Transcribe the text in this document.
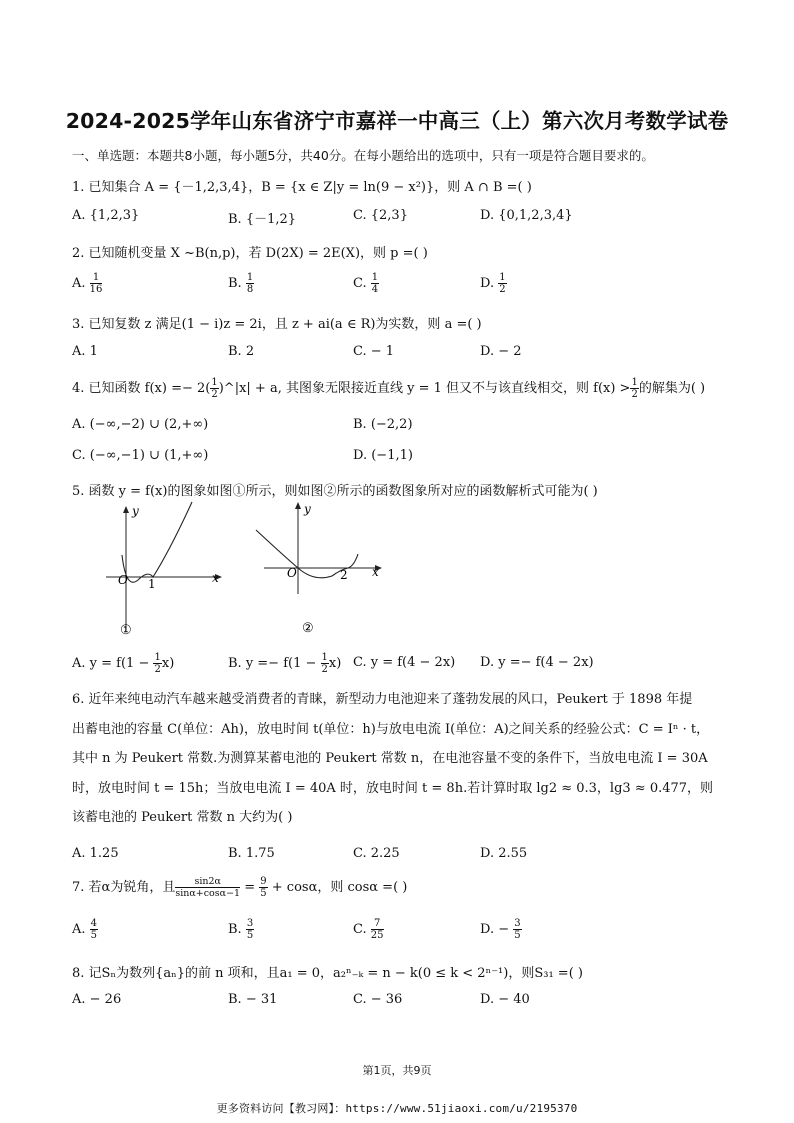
2024-2025学年山东省济宁市嘉祥一中高三（上）第六次月考数学试卷
一、单选题：本题共8小题，每小题5分，共40分。在每小题给出的选项中，只有一项是符合题目要求的。
1. 已知集合 A = {－1,2,3,4}，B = {x ∈ Z|y = ln(9 − x²)}，则 A ∩ B =( )
A. {1,2,3}	B. {－1,2}	C. {2,3}	D. {0,1,2,3,4}
2. 已知随机变量 X ~B(n,p)，若 D(2X) = 2E(X)，则 p =( )
A. $\frac{1}{16}$	B. $\frac{1}{8}$	C. $\frac{1}{4}$	D. $\frac{1}{2}$
3. 已知复数 z 满足(1 − i)z = 2i，且 z + ai(a ∈ R)为实数，则 a =( )
A. 1	B. 2	C. − 1	D. − 2
4. 已知函数 $f(x) =- 2( \frac{1}{2}$ )^|x| + a, 其图象无限接近直线 y = 1 但又不与该直线相交，则 $f(x) > \frac{1}{2}$ 的解集为( )
A. (−∞,−2) ∪ (2,+∞)	B. (−2,2)
C. (−∞,−1) ∪ (1,+∞)	D. (−1,1)
5. 函数 y = f(x)的图象如图①所示，则如图②所示的函数图象所对应的函数解析式可能为( )
y
x
O 1
①
y
x
O	2
②
A. $y = f(1 - \frac{1}{2} x)$	B. $y =- f(1 - \frac{1}{2} x)$ C. y = f(4 − 2x) D. y =− f(4 − 2x)
6. 近年来纯电动汽车越来越受消费者的青睐，新型动力电池迎来了蓬勃发展的风口，Peukert 于 1898 年提
出蓄电池的容量 C(单位：Ah)，放电时间 t(单位：h)与放电电流 I(单位：A)之间关系的经验公式：C = Iⁿ · t，
其中 n 为 Peukert 常数.为测算某蓄电池的 Peukert 常数 n，在电池容量不变的条件下，当放电电流 I = 30A
时，放电时间 t = 15h；当放电电流 I = 40A 时，放电时间 t = 8h.若计算时取 lg2 ≈ 0.3，lg3 ≈ 0.477，则
该蓄电池的 Peukert 常数 n 大约为( )
A. 1.25	B. 1.75	C. 2.25	D. 2.55
7. 若α为锐角，且 $\frac{\sin 2\alpha}{\sin\alpha+\cos\alpha-1} = \frac{9}{5} + \cos\alpha$，则 cosα =( )
A. $\frac{4}{5}$	B. $\frac{3}{5}$	C. $\frac{7}{25}$	D. − $\frac{3}{5}$
8. 记Sₙ为数列{aₙ}的前 n 项和，且a₁ = 0，a₂ⁿ₋ₖ = n − k(0 ≤ k < 2ⁿ⁻¹)，则S₃₁ =( )
A. − 26	B. − 31	C. − 36	D. − 40
第1页，共9页
更多资料访问【教习网】：https://www.51jiaoxi.com/u/2195370
